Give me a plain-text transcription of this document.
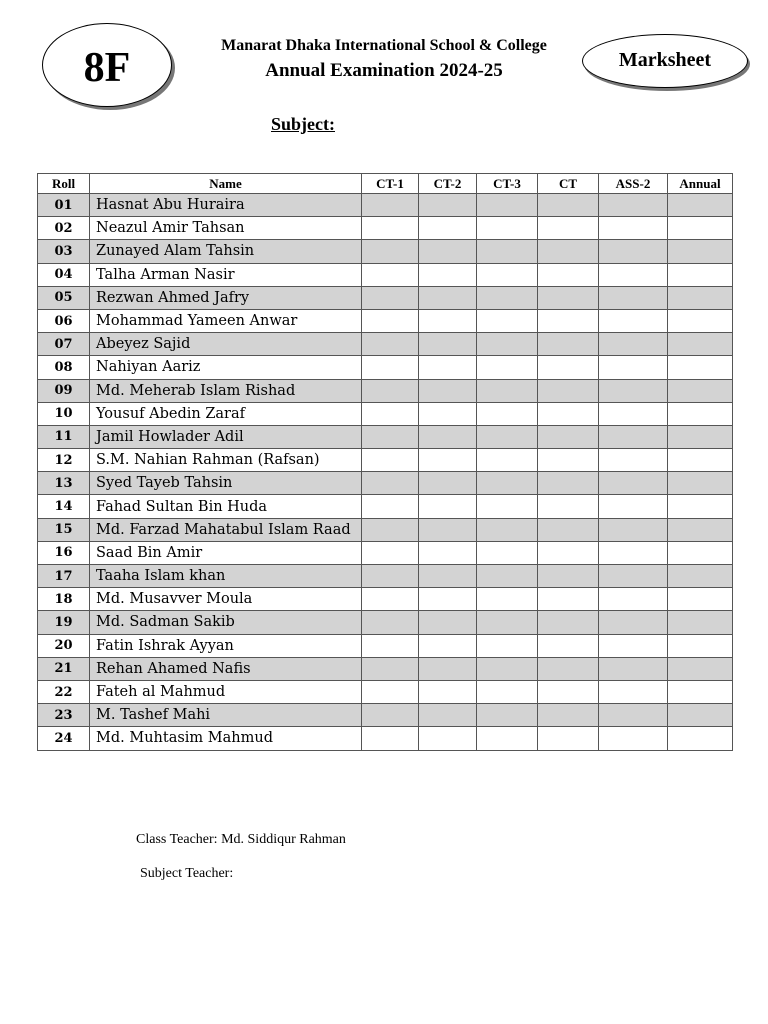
8F	Manarat Dhaka International School & College
Annual Examination 2024-25	Marksheet
Subject:
Roll	Name	CT-1	CT-2	CT-3	CT	ASS-2	Annual
01	Hasnat Abu Huraira						
02	Neazul Amir Tahsan						
03	Zunayed Alam Tahsin						
04	Talha Arman Nasir						
05	Rezwan Ahmed Jafry						
06	Mohammad Yameen Anwar						
07	Abeyez Sajid						
08	Nahiyan Aariz						
09	Md. Meherab Islam Rishad						
10	Yousuf Abedin Zaraf						
11	Jamil Howlader Adil						
12	S.M. Nahian Rahman (Rafsan)						
13	Syed Tayeb Tahsin						
14	Fahad Sultan Bin Huda						
15	Md. Farzad Mahatabul Islam Raad						
16	Saad Bin Amir						
17	Taaha Islam khan						
18	Md. Musavver Moula						
19	Md. Sadman Sakib						
20	Fatin Ishrak Ayyan						
21	Rehan Ahamed Nafis						
22	Fateh al Mahmud						
23	M. Tashef Mahi						
24	Md. Muhtasim Mahmud						
Class Teacher: Md. Siddiqur Rahman
Subject Teacher:
